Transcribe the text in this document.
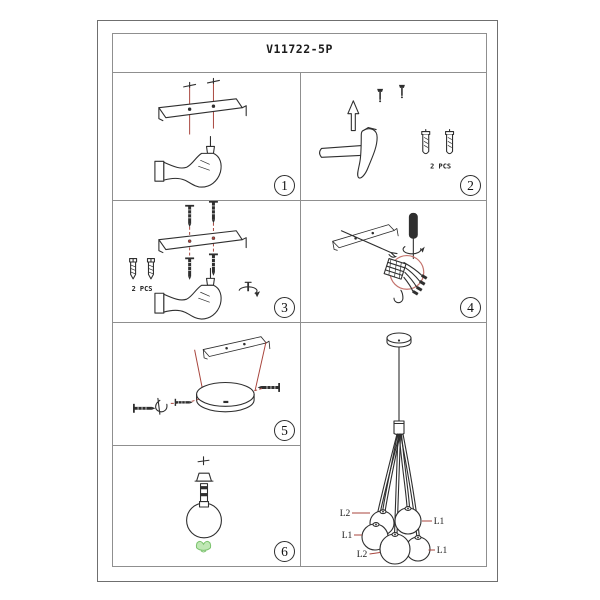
V11722-5P
1
2 PCS
2
2 PCS
3	4
5
6
L2
L1
L1
L2	L1
